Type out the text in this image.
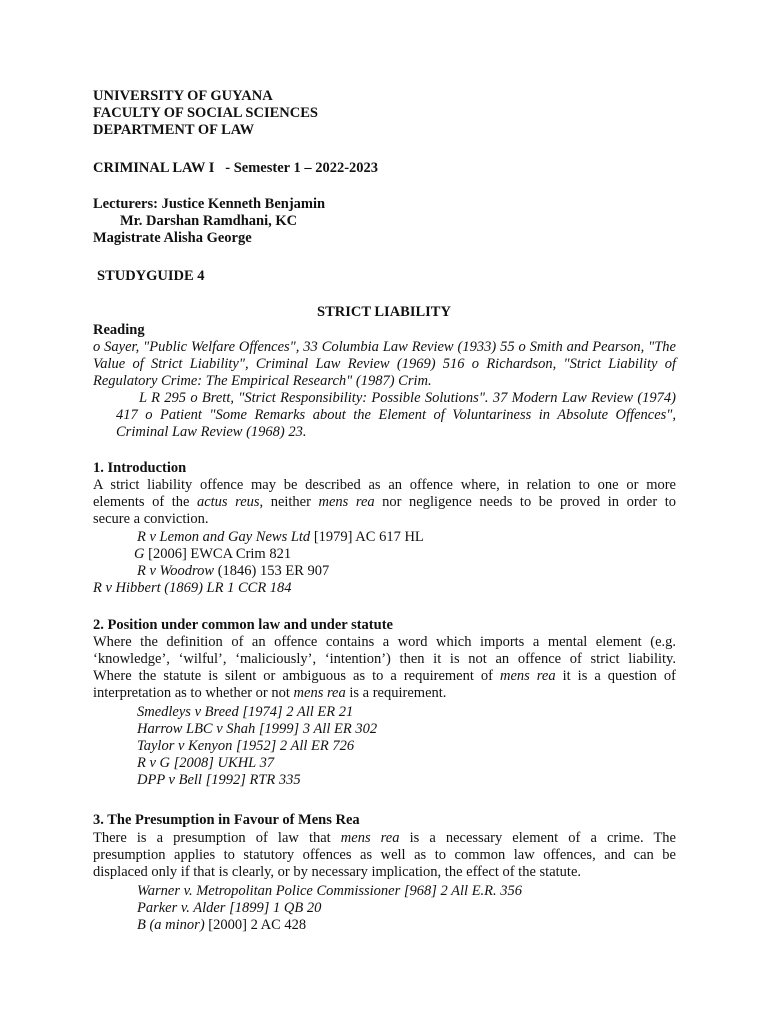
UNIVERSITY OF GUYANA
FACULTY OF SOCIAL SCIENCES
DEPARTMENT OF LAW
CRIMINAL LAW I   - Semester 1 – 2022-2023
Lecturers: Justice Kenneth Benjamin
Mr. Darshan Ramdhani, KC
Magistrate Alisha George
STUDYGUIDE 4
STRICT LIABILITY
Reading
o Sayer, "Public Welfare Offences", 33 Columbia Law Review (1933) 55 o Smith and Pearson, "The
Value of Strict Liability", Criminal Law Review (1969) 516 o Richardson, "Strict Liability of
Regulatory Crime: The Empirical Research" (1987) Crim.
L R 295 o Brett, "Strict Responsibility: Possible Solutions". 37 Modern Law Review (1974)
417 o Patient "Some Remarks about the Element of Voluntariness in Absolute Offences",
Criminal Law Review (1968) 23.
1. Introduction
A strict liability offence may be described as an offence where, in relation to one or more
elements of the actus reus, neither mens rea nor negligence needs to be proved in order to
secure a conviction.
R v Lemon and Gay News Ltd [1979] AC 617 HL
G [2006] EWCA Crim 821
R v Woodrow (1846) 153 ER 907
R v Hibbert (1869) LR 1 CCR 184
2. Position under common law and under statute
Where the definition of an offence contains a word which imports a mental element (e.g.
‘knowledge’, ‘wilful’, ‘maliciously’, ‘intention’) then it is not an offence of strict liability.
Where the statute is silent or ambiguous as to a requirement of mens rea it is a question of
interpretation as to whether or not mens rea is a requirement.
Smedleys v Breed [1974] 2 All ER 21
Harrow LBC v Shah [1999] 3 All ER 302
Taylor v Kenyon [1952] 2 All ER 726
R v G [2008] UKHL 37
DPP v Bell [1992] RTR 335
3. The Presumption in Favour of Mens Rea
There is a presumption of law that mens rea is a necessary element of a crime. The
presumption applies to statutory offences as well as to common law offences, and can be
displaced only if that is clearly, or by necessary implication, the effect of the statute.
Warner v. Metropolitan Police Commissioner [968] 2 All E.R. 356
Parker v. Alder [1899] 1 QB 20
B (a minor) [2000] 2 AC 428
